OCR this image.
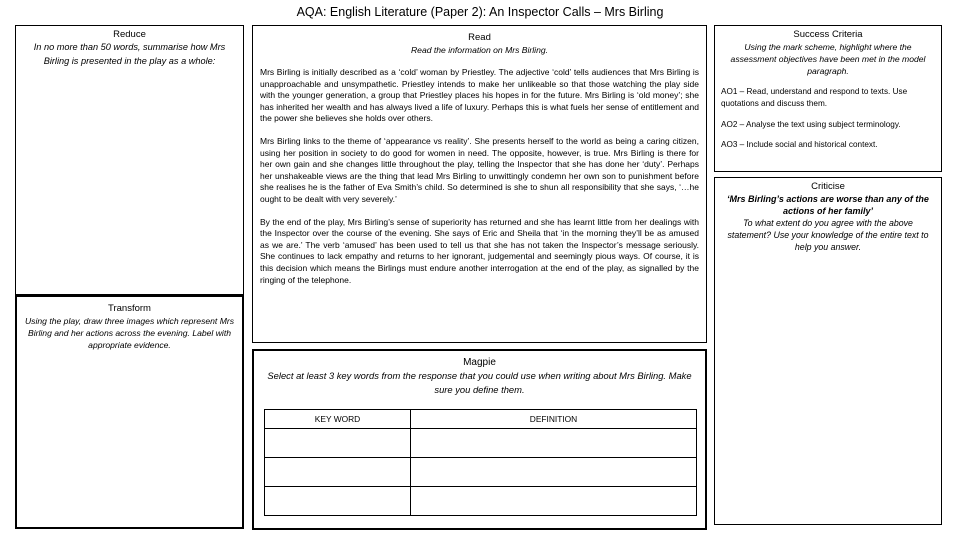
AQA: English Literature (Paper 2): An Inspector Calls – Mrs Birling
Reduce
In no more than 50 words, summarise how Mrs Birling is presented in the play as a whole:
Transform
Using the play, draw three images which represent Mrs Birling and her actions across the evening. Label with appropriate evidence.
Read
Read the information on Mrs Birling.
Mrs Birling is initially described as a ‘cold’ woman by Priestley. The adjective ‘cold’ tells audiences that Mrs Birling is unapproachable and unsympathetic. Priestley intends to make her unlikeable so that those watching the play side with the younger generation, a group that Priestley places his hopes in for the future. Mrs Birling is ‘old money’; she has inherited her wealth and has always lived a life of luxury. Perhaps this is what fuels her sense of entitlement and the power she believes she holds over others.
Mrs Birling links to the theme of ‘appearance vs reality’. She presents herself to the world as being a caring citizen, using her position in society to do good for women in need. The opposite, however, is true. Mrs Birling is there for her own gain and she changes little throughout the play, telling the Inspector that she has done her ‘duty’. Perhaps her unshakeable views are the thing that lead Mrs Birling to unwittingly condemn her own son to punishment before she realises he is the father of Eva Smith’s child. So determined is she to shun all responsibility that she says, ‘…he ought to be dealt with very severely.’
By the end of the play, Mrs Birling’s sense of superiority has returned and she has learnt little from her dealings with the Inspector over the course of the evening. She says of Eric and Sheila that ‘in the morning they’ll be as amused as we are.’ The verb ‘amused’ has been used to tell us that she has not taken the Inspector’s message seriously. She continues to lack empathy and returns to her ignorant, judgemental and seemingly pious ways. Of course, it is this decision which means the Birlings must endure another interrogation at the end of the play, as signalled by the ringing of the telephone.
Magpie
Select at least 3 key words from the response that you could use when writing about Mrs Birling. Make sure you define them.
KEY WORD	DEFINITION

Success Criteria
Using the mark scheme, highlight where the assessment objectives have been met in the model paragraph.
AO1 – Read, understand and respond to texts. Use quotations and discuss them.
AO2 – Analyse the text using subject terminology.
AO3 – Include social and historical context.
Criticise
‘Mrs Birling’s actions are worse than any of the actions of her family’
To what extent do you agree with the above statement? Use your knowledge of the entire text to help you answer.
